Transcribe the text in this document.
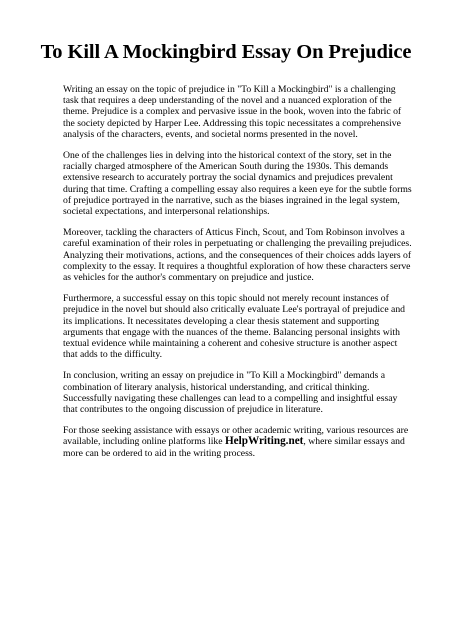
To Kill A Mockingbird Essay On Prejudice

Writing an essay on the topic of prejudice in "To Kill a Mockingbird" is a challenging task that requires a deep understanding of the novel and a nuanced exploration of the theme. Prejudice is a complex and pervasive issue in the book, woven into the fabric of the society depicted by Harper Lee. Addressing this topic necessitates a comprehensive analysis of the characters, events, and societal norms presented in the novel.

One of the challenges lies in delving into the historical context of the story, set in the racially charged atmosphere of the American South during the 1930s. This demands extensive research to accurately portray the social dynamics and prejudices prevalent during that time. Crafting a compelling essay also requires a keen eye for the subtle forms of prejudice portrayed in the narrative, such as the biases ingrained in the legal system, societal expectations, and interpersonal relationships.

Moreover, tackling the characters of Atticus Finch, Scout, and Tom Robinson involves a careful examination of their roles in perpetuating or challenging the prevailing prejudices. Analyzing their motivations, actions, and the consequences of their choices adds layers of complexity to the essay. It requires a thoughtful exploration of how these characters serve as vehicles for the author's commentary on prejudice and justice.

Furthermore, a successful essay on this topic should not merely recount instances of prejudice in the novel but should also critically evaluate Lee's portrayal of prejudice and its implications. It necessitates developing a clear thesis statement and supporting arguments that engage with the nuances of the theme. Balancing personal insights with textual evidence while maintaining a coherent and cohesive structure is another aspect that adds to the difficulty.

In conclusion, writing an essay on prejudice in "To Kill a Mockingbird" demands a combination of literary analysis, historical understanding, and critical thinking. Successfully navigating these challenges can lead to a compelling and insightful essay that contributes to the ongoing discussion of prejudice in literature.

For those seeking assistance with essays or other academic writing, various resources are available, including online platforms like HelpWriting.net, where similar essays and more can be ordered to aid in the writing process.
